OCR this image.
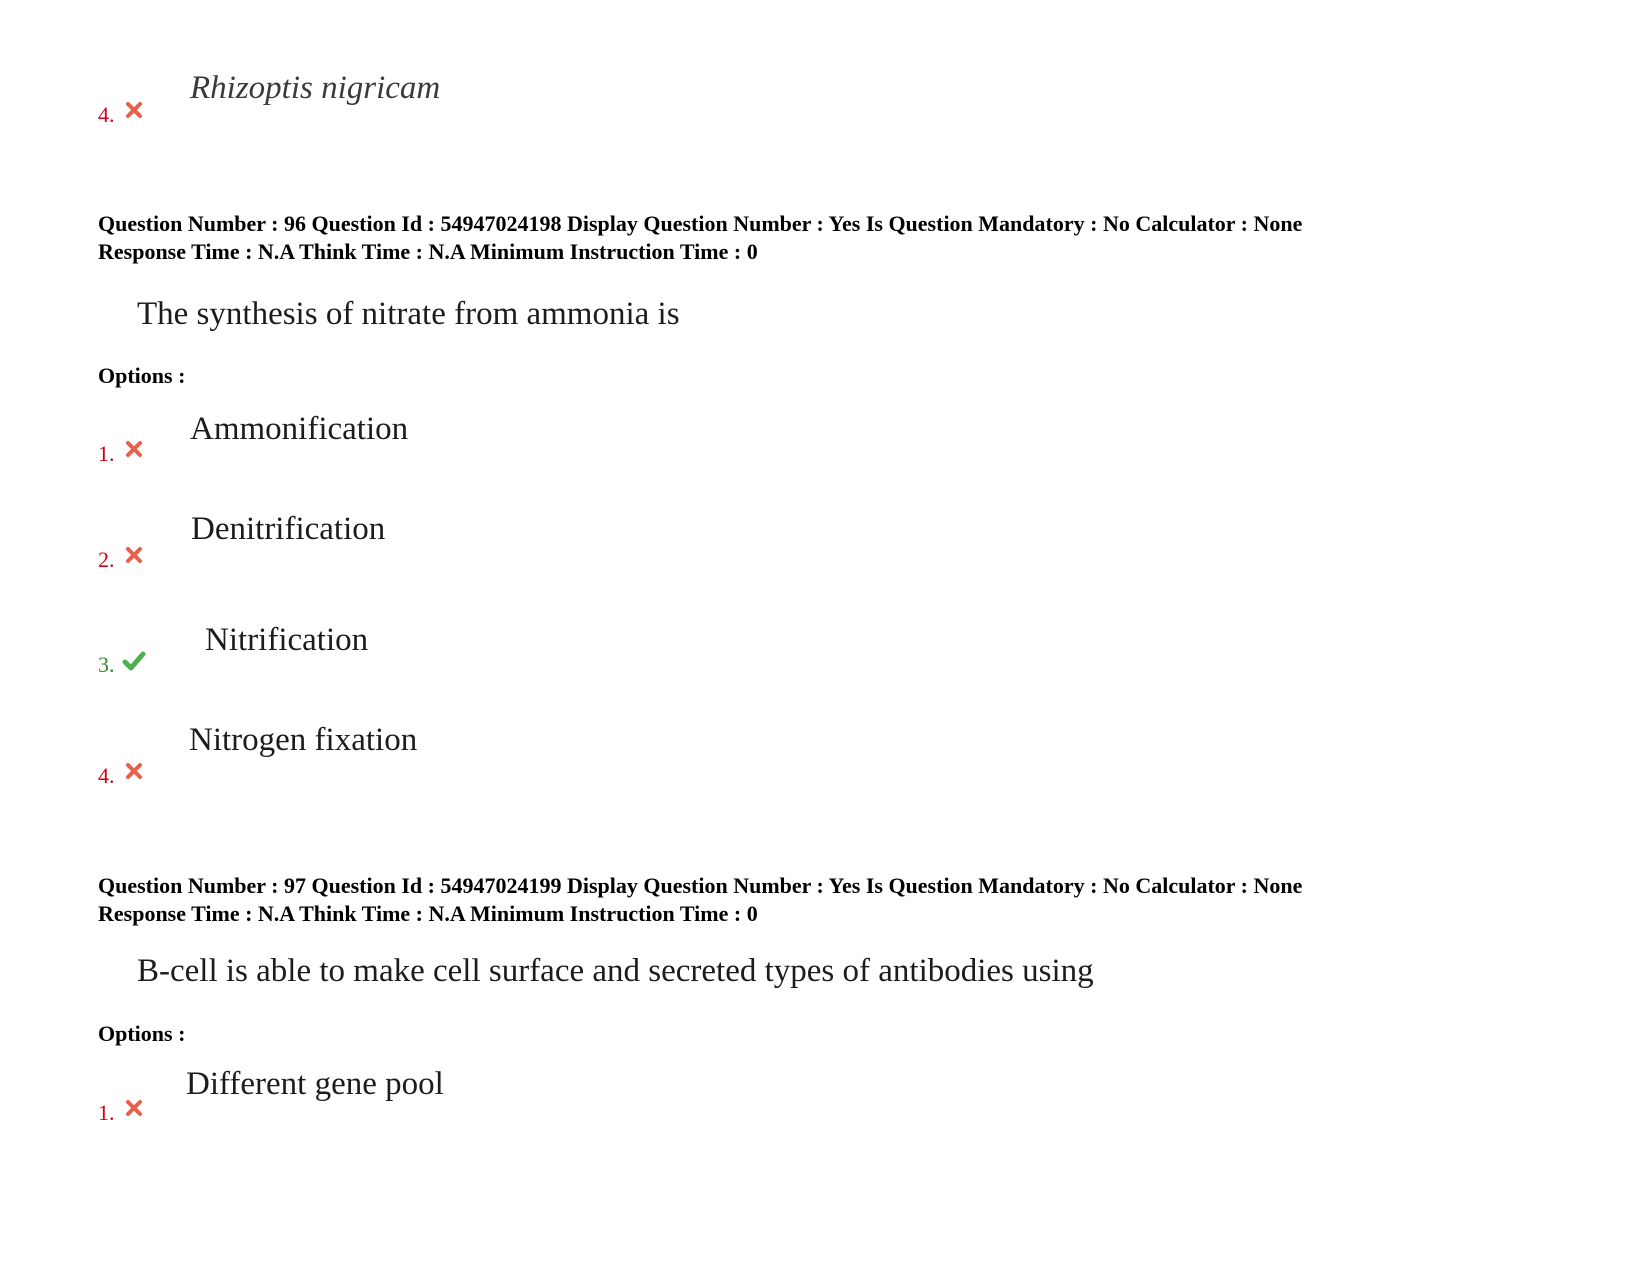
4.
Rhizoptis nigricam
Question Number : 96 Question Id : 54947024198 Display Question Number : Yes Is Question Mandatory : No Calculator : None
Response Time : N.A Think Time : N.A Minimum Instruction Time : 0
The synthesis of nitrate from ammonia is
Options :
1.
Ammonification
2.
Denitrification
3.
Nitrification
4.
Nitrogen fixation
Question Number : 97 Question Id : 54947024199 Display Question Number : Yes Is Question Mandatory : No Calculator : None
Response Time : N.A Think Time : N.A Minimum Instruction Time : 0
B-cell is able to make cell surface and secreted types of antibodies using
Options :
1.
Different gene pool
